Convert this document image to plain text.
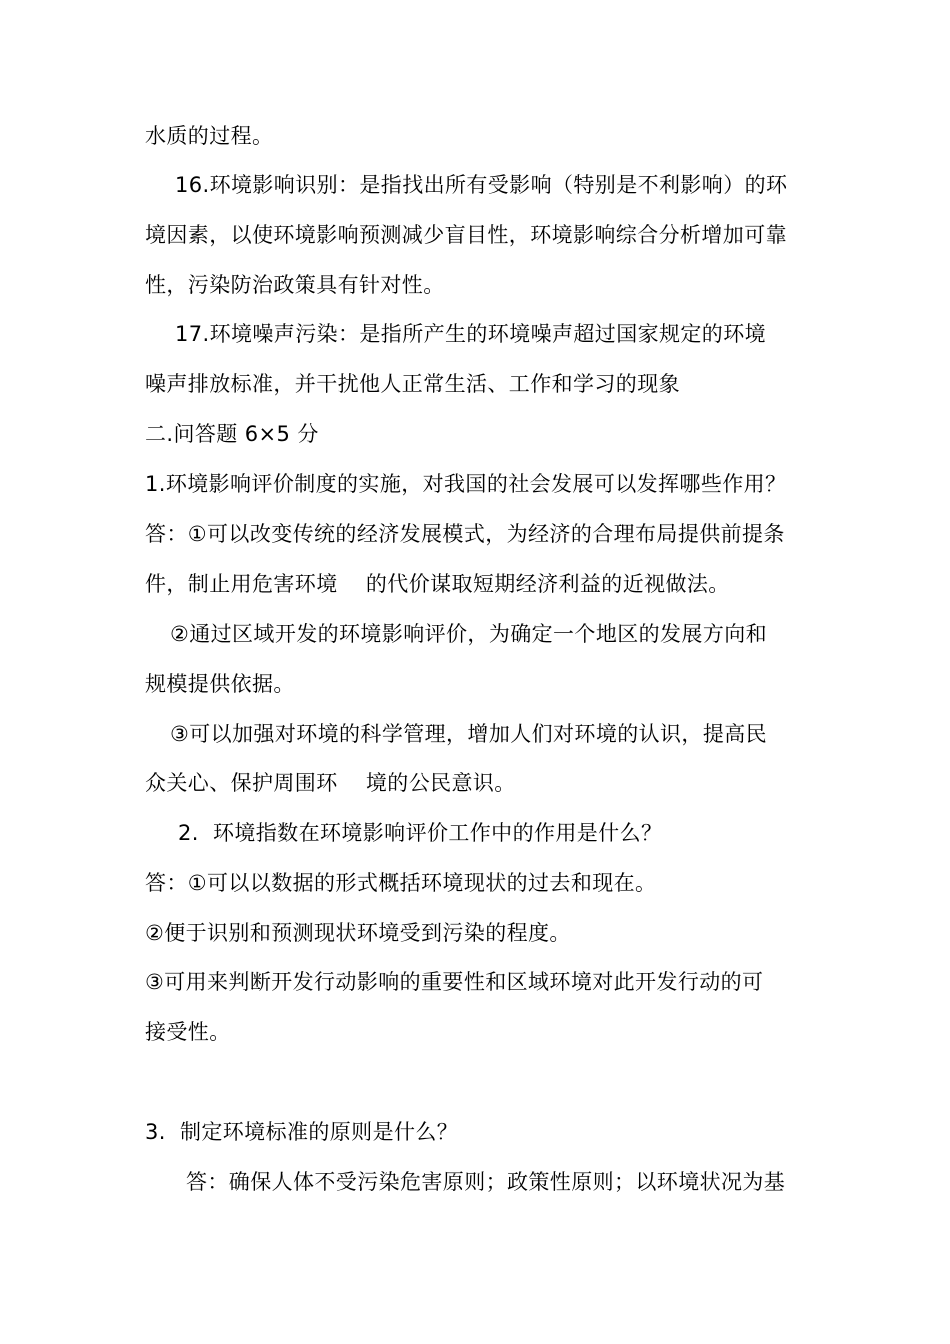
水质的过程。
16.环境影响识别：是指找出所有受影响（特别是不利影响）的环
境因素，以使环境影响预测减少盲目性，环境影响综合分析增加可靠
性，污染防治政策具有针对性。
17.环境噪声污染：是指所产生的环境噪声超过国家规定的环境
噪声排放标准，并干扰他人正常生活、工作和学习的现象
二.问答题 6×5 分
1.环境影响评价制度的实施，对我国的社会发展可以发挥哪些作用？
答：①可以改变传统的经济发展模式，为经济的合理布局提供前提条
件，制止用危害环境    的代价谋取短期经济利益的近视做法。
②通过区域开发的环境影响评价，为确定一个地区的发展方向和
规模提供依据。
③可以加强对环境的科学管理，增加人们对环境的认识，提高民
众关心、保护周围环    境的公民意识。
2.  环境指数在环境影响评价工作中的作用是什么？
答：①可以以数据的形式概括环境现状的过去和现在。
②便于识别和预测现状环境受到污染的程度。
③可用来判断开发行动影响的重要性和区域环境对此开发行动的可
接受性。
3.  制定环境标准的原则是什么？
答：确保人体不受污染危害原则；政策性原则；以环境状况为基
